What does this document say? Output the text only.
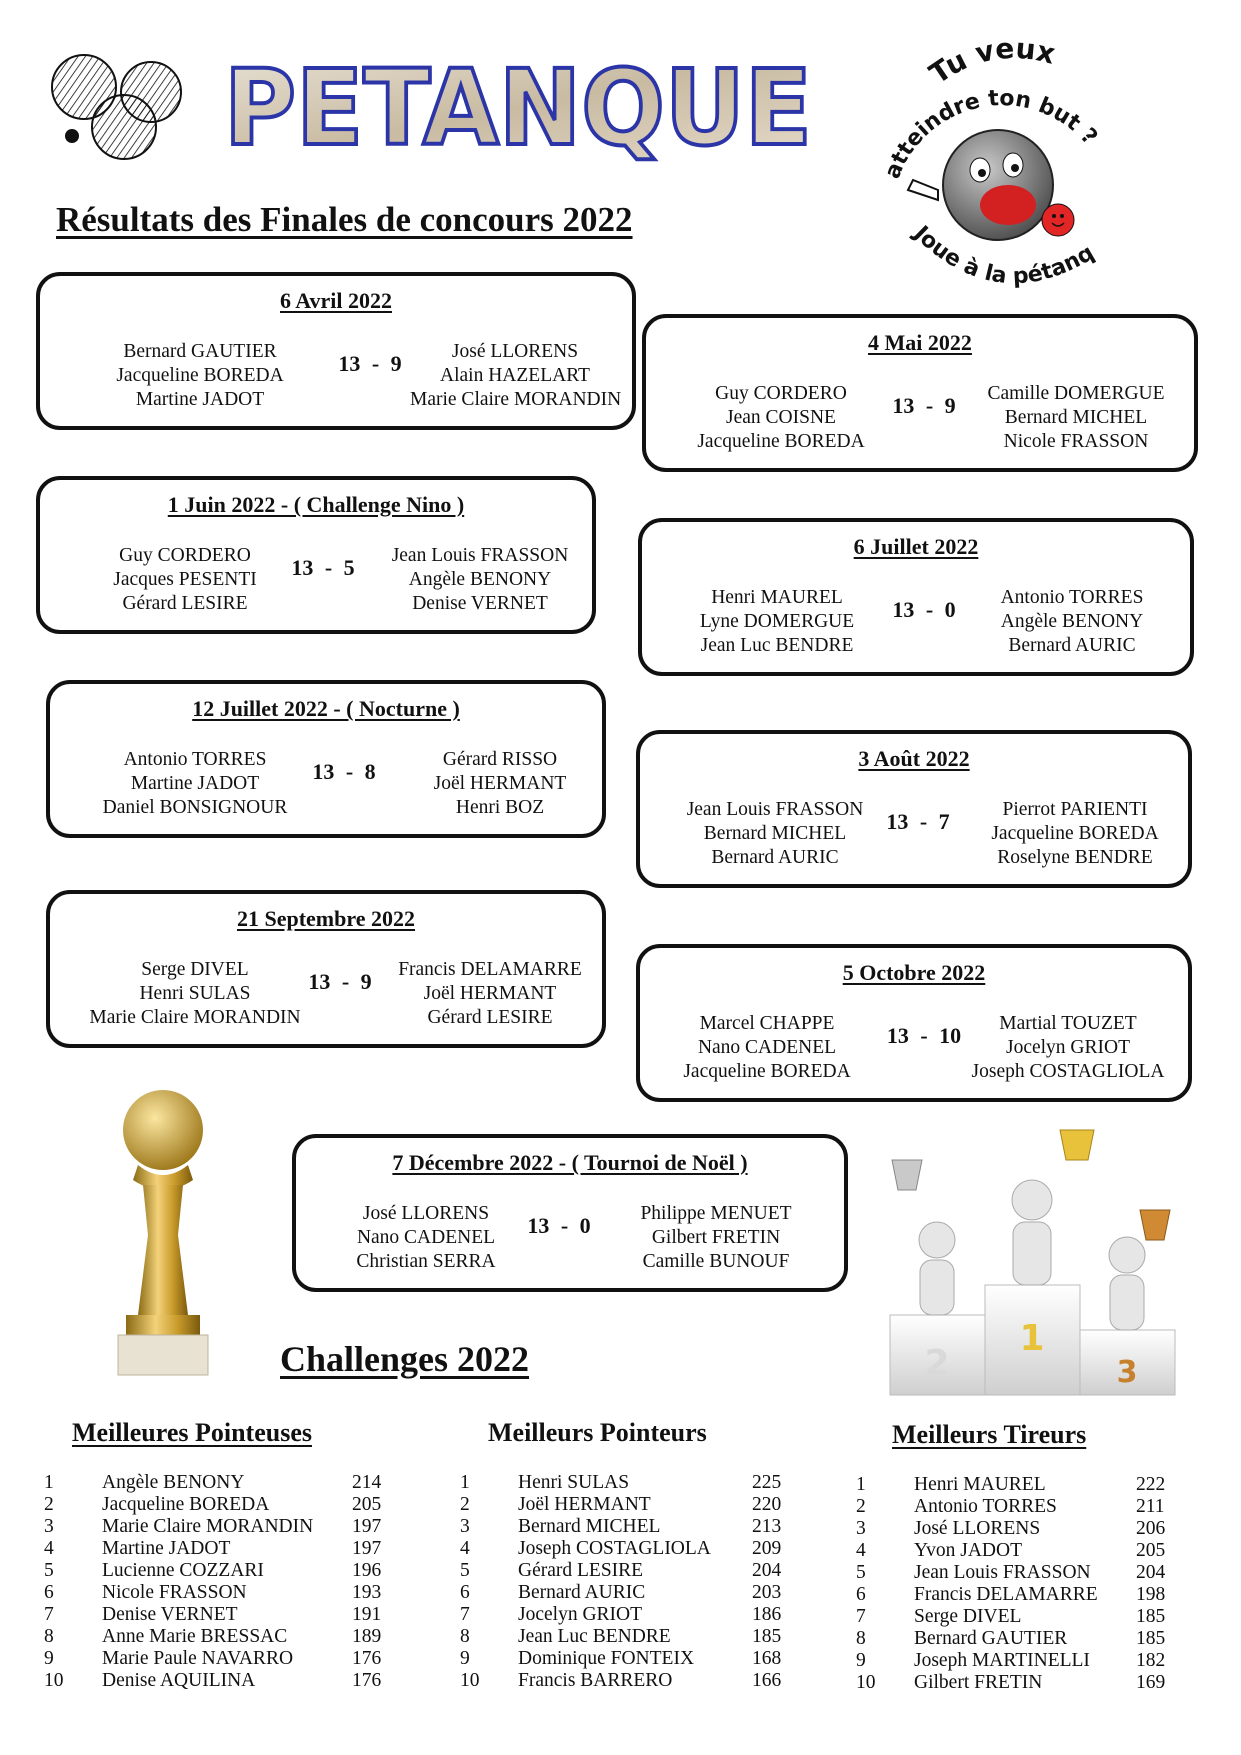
PETANQUE	Tu veux
atteindre ton but ?
Joue à la pétanq
Résultats des Finales de concours 2022
6 Avril 2022
Bernard GAUTIER
Jacqueline BOREDA
Martine JADOT
13 - 9	José LLORENS
Alain HAZELART
Marie Claire MORANDIN
4 Mai 2022
Guy CORDERO
Jean COISNE
Jacqueline BOREDA
13 - 9	Camille DOMERGUE
Bernard MICHEL
Nicole FRASSON
1 Juin 2022 - ( Challenge Nino )
Guy CORDERO
Jacques PESENTI
Gérard LESIRE
13 - 5	Jean Louis FRASSON
Angèle BENONY
Denise VERNET
6 Juillet 2022
Henri MAUREL
Lyne DOMERGUE
Jean Luc BENDRE
13 - 0	Antonio TORRES
Angèle BENONY
Bernard AURIC
12 Juillet 2022 - ( Nocturne )
Antonio TORRES
Martine JADOT
Daniel BONSIGNOUR
13 - 8	Gérard RISSO
Joël HERMANT
Henri BOZ
3 Août 2022
Jean Louis FRASSON
Bernard MICHEL
Bernard AURIC
13 - 7	Pierrot PARIENTI
Jacqueline BOREDA
Roselyne BENDRE
21 Septembre 2022
Serge DIVEL
Henri SULAS
Marie Claire MORANDIN
13 - 9	Francis DELAMARRE
Joël HERMANT
Gérard LESIRE
5 Octobre 2022
Marcel CHAPPE
Nano CADENEL
Jacqueline BOREDA
13 - 10	Martial TOUZET
Jocelyn GRIOT
Joseph COSTAGLIOLA
7 Décembre 2022 - ( Tournoi de Noël )
José LLORENS
Nano CADENEL
Christian SERRA
13 - 0	Philippe MENUET
Gilbert FRETIN
Camille BUNOUF
2
1
3
Challenges 2022
Meilleures Pointeuses	Meilleurs Pointeurs	Meilleurs Tireurs
1 Angèle BENONY	214
2 Jacqueline BOREDA	205
3 Marie Claire MORANDIN 197
4 Martine JADOT	197
5 Lucienne COZZARI	196
6 Nicole FRASSON	193
7 Denise VERNET	191
8 Anne Marie BRESSAC	189
9 Marie Paule NAVARRO	176
10 Denise AQUILINA	176
1 Henri SULAS	225
2 Joël HERMANT	220
3 Bernard MICHEL	213
4 Joseph COSTAGLIOLA 209
5 Gérard LESIRE	204
6 Bernard AURIC	203
7 Jocelyn GRIOT	186
8 Jean Luc BENDRE	185
9 Dominique FONTEIX	168
10 Francis BARRERO	166
1 Henri MAUREL	222
2 Antonio TORRES	211
3 José LLORENS	206
4 Yvon JADOT	205
5 Jean Louis FRASSON 204
6 Francis DELAMARRE 198
7 Serge DIVEL	185
8 Bernard GAUTIER	185
9 Joseph MARTINELLI 182
10 Gilbert FRETIN	169
